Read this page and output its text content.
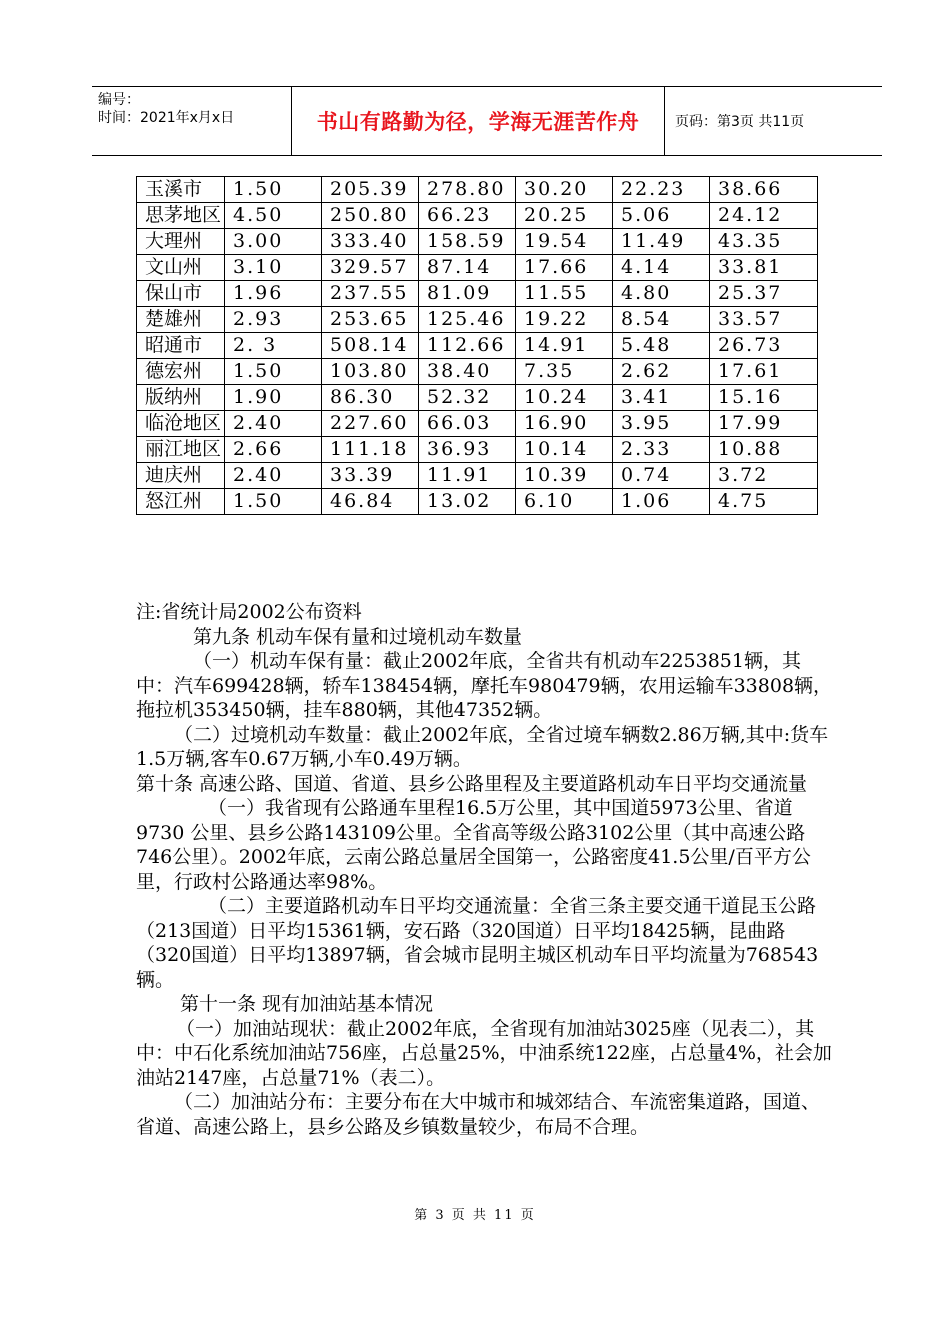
编号：
时间：2021年x月x日	书山有路勤为径，学海无涯苦作舟	页码：第3页 共11页
玉溪市	1.50	205.39	278.80	30.20	22.23	38.66
思茅地区	4.50	250.80	66.23	20.25	5.06	24.12
大理州	3.00	333.40	158.59	19.54	11.49	43.35
文山州	3.10	329.57	87.14	17.66	4.14	33.81
保山市	1.96	237.55	81.09	11.55	4.80	25.37
楚雄州	2.93	253.65	125.46	19.22	8.54	33.57
昭通市	2. 3	508.14	112.66	14.91	5.48	26.73
德宏州	1.50	103.80	38.40	7.35	2.62	17.61
版纳州	1.90	86.30	52.32	10.24	3.41	15.16
临沧地区	2.40	227.60	66.03	16.90	3.95	17.99
丽江地区	2.66	111.18	36.93	10.14	2.33	10.88
迪庆州	2.40	33.39	11.91	10.39	0.74	3.72
怒江州	1.50	46.84	13.02	6.10	1.06	4.75

注:省统计局2002公布资料

第九条 机动车保有量和过境机动车数量

（一）机动车保有量：截止2002年底，全省共有机动车2253851辆，其中：汽车699428辆，轿车138454辆，摩托车980479辆，农用运输车33808辆，拖拉机353450辆，挂车880辆，其他47352辆。

（二）过境机动车数量：截止2002年底，全省过境车辆数2.86万辆,其中:货车1.5万辆,客车0.67万辆,小车0.49万辆。

第十条 高速公路、国道、省道、县乡公路里程及主要道路机动车日平均交通流量

（一）我省现有公路通车里程16.5万公里，其中国道5973公里、省道9730 公里、县乡公路143109公里。全省高等级公路3102公里（其中高速公路746公里）。2002年底，云南公路总量居全国第一，公路密度41.5公里/百平方公里，行政村公路通达率98%。

（二）主要道路机动车日平均交通流量：全省三条主要交通干道昆玉公路（213国道）日平均15361辆，安石路（320国道）日平均18425辆，昆曲路（320国道）日平均13897辆，省会城市昆明主城区机动车日平均流量为768543辆。

第十一条 现有加油站基本情况

（一）加油站现状：截止2002年底，全省现有加油站3025座（见表二），其中：中石化系统加油站756座，占总量25%，中油系统122座，占总量4%，社会加油站2147座，占总量71%（表二）。

（二）加油站分布：主要分布在大中城市和城郊结合、车流密集道路，国道、省道、高速公路上，县乡公路及乡镇数量较少，布局不合理。

第 3 页 共 11 页
